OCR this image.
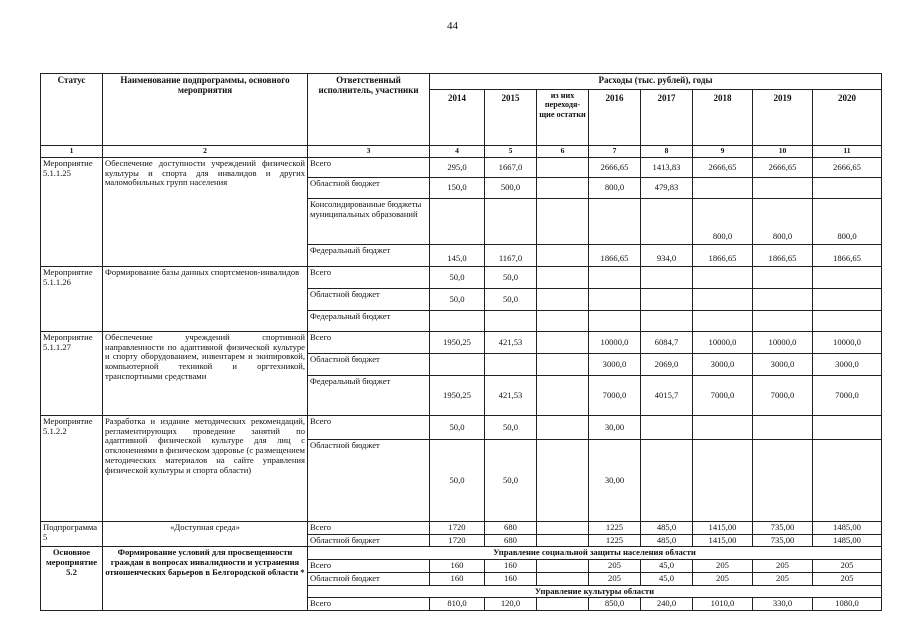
44
Статус	Наименование подпрограммы, основного мероприятия	Ответственный исполнитель, участники	Расходы (тыс. рублей), годы							
			2014	2015	из них переходя-щие остатки	2016	2017	2018	2019	2020
1	2	3	4	5	6	7	8	9	10	11
Мероприятие 5.1.1.25	Обеспечение доступности учреждений физической культуры и спорта для инвалидов и других маломобильных групп населения	Всего	295,0	1667,0		2666,65	1413,83	2666,65	2666,65	2666,65
		Областной бюджет	150,0	500,0		800,0	479,83			
		Консолидированные бюджеты муниципальных образований						800,0	800,0	800,0
		Федеральный бюджет	145,0	1167,0		1866,65	934,0	1866,65	1866,65	1866,65
Мероприятие 5.1.1.26	Формирование базы данных спортсменов-инвалидов	Всего	50,0	50,0						
		Областной бюджет	50,0	50,0						
		Федеральный бюджет								
Мероприятие 5.1.1.27	Обеспечение учреждений спортивной направленности по адаптивной физической культуре и спорту оборудованием, инвентарем и экипировкой, компьютерной техникой и оргтехникой, транспортными средствами	Всего	1950,25	421,53		10000,0	6084,7	10000,0	10000,0	10000,0
		Областной бюджет				3000,0	2069,0	3000,0	3000,0	3000,0
		Федеральный бюджет	1950,25	421,53		7000,0	4015,7	7000,0	7000,0	7000,0
Мероприятие 5.1.2.2	Разработка и издание методических рекомендаций, регламентирующих проведение занятий по адаптивной физической культуре для лиц с отклонениями в физическом здоровье (с размещением методических материалов на сайте управления физической культуры и спорта области)	Всего	50,0	50,0		30,00				
		Областной бюджет	50,0	50,0		30,00				
Подпрограмма 5	«Доступная среда»	Всего	1720	680		1225	485,0	1415,00	735,00	1485,00
		Областной бюджет	1720	680		1225	485,0	1415,00	735,00	1485,00
Основное мероприятие 5.2	Формирование условий для просвещенности граждан в вопросах инвалидности и устранения отношенческих барьеров в Белгородской области *	Управление социальной защиты населения области								
		Всего	160	160		205	45,0	205	205	205
		Областной бюджет	160	160		205	45,0	205	205	205
		Управление культуры области								
		Всего	810,0	120,0		850,0	240,0	1010,0	330,0	1080,0
